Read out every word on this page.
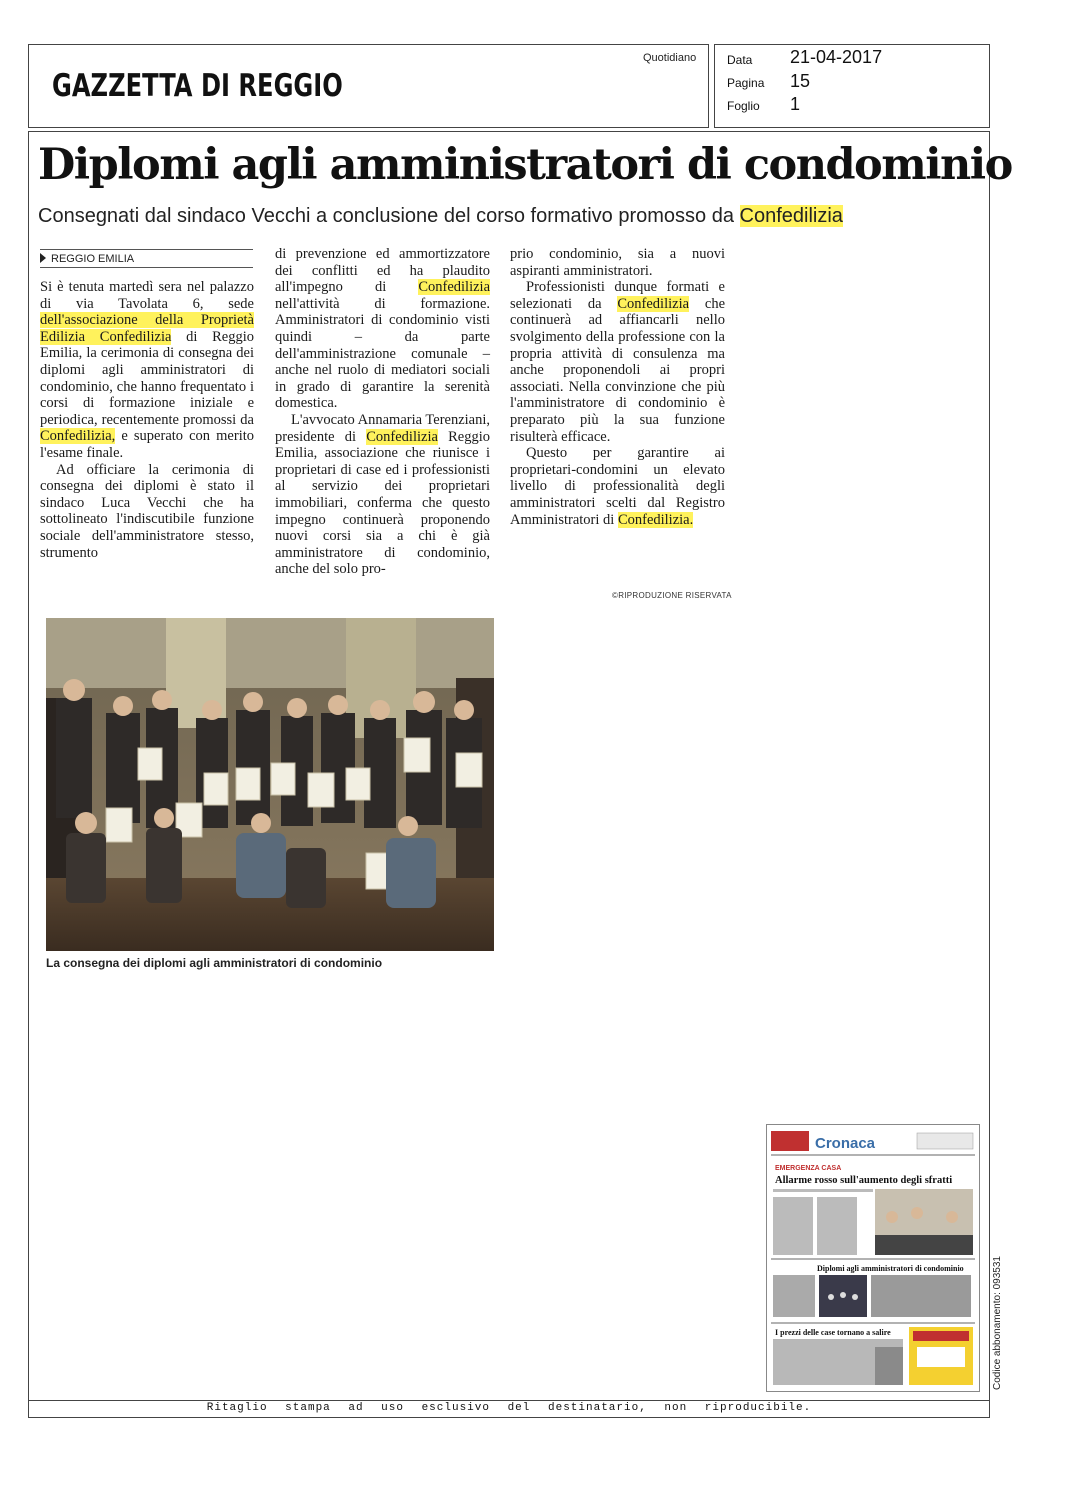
GAZZETTA DI REGGIO
Quotidiano	Data 21-04-2017
Pagina 15
Foglio 1
Diplomi agli amministratori di condominio
Consegnati dal sindaco Vecchi a conclusione del corso formativo promosso da Confedilizia
REGGIO EMILIA

Si è tenuta martedì sera nel palazzo di via Tavolata 6, sede dell'associazione della Proprietà Edilizia Confedilizia di Reggio Emilia, la cerimonia di consegna dei diplomi agli amministratori di condominio, che hanno frequentato i corsi di formazione iniziale e periodica, recentemente promossi da Confedilizia, e superato con merito l'esame finale.

Ad officiare la cerimonia di consegna dei diplomi è stato il sindaco Luca Vecchi che ha sottolineato l'indiscutibile funzione sociale dell'amministratore stesso, strumento

di prevenzione ed ammortizzatore dei conflitti ed ha plaudito all'impegno di Confedilizia nell'attività di formazione. Amministratori di condominio visti quindi – da parte dell'amministrazione comunale – anche nel ruolo di mediatori sociali in grado di garantire la serenità domestica.

L'avvocato Annamaria Terenziani, presidente di Confedilizia Reggio Emilia, associazione che riunisce i proprietari di case ed i professionisti al servizio dei proprietari immobiliari, conferma che questo impegno continuerà proponendo nuovi corsi sia a chi è già amministratore di condominio, anche del solo pro-

prio condominio, sia a nuovi aspiranti amministratori.

Professionisti dunque formati e selezionati da Confedilizia che continuerà ad affiancarli nello svolgimento della professione con la propria attività di consulenza ma anche proponendoli ai propri associati. Nella convinzione che più l'amministratore di condominio è preparato più la sua funzione risulterà efficace.

Questo per garantire ai proprietari-condomini un elevato livello di professionalità degli amministratori scelti dal Registro Amministratori di Confedilizia.

©RIPRODUZIONE RISERVATA
La consegna dei diplomi agli amministratori di condominio
Cronaca
EMERGENZA CASA
Allarme rosso sull'aumento degli sfratti
Diplomi agli amministratori di condominio
I prezzi delle case tornano a salire
Ritaglio stampa ad uso esclusivo del destinatario, non riproducibile.
Codice abbonamento: 093531
